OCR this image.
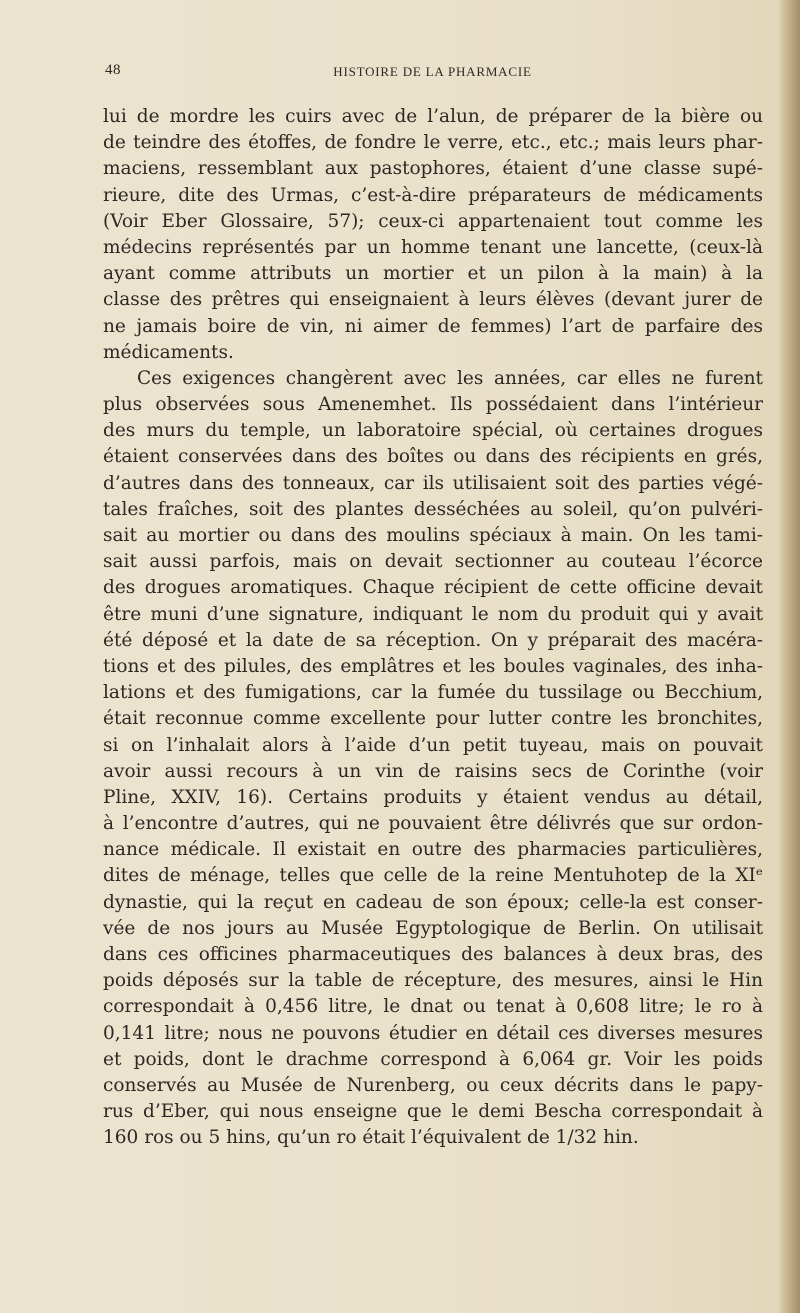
48	HISTOIRE DE LA PHARMACIE
lui de mordre les cuirs avec de l’alun, de préparer de la bière ou
de teindre des étoffes, de fondre le verre, etc., etc.; mais leurs phar-
maciens, ressemblant aux pastophores, étaient d’une classe supé-
rieure, dite des Urmas, c’est-à-dire préparateurs de médicaments
(Voir Eber Glossaire, 57); ceux-ci appartenaient tout comme les
médecins représentés par un homme tenant une lancette, (ceux-là
ayant comme attributs un mortier et un pilon à la main) à la
classe des prêtres qui enseignaient à leurs élèves (devant jurer de
ne jamais boire de vin, ni aimer de femmes) l’art de parfaire des
médicaments.
Ces exigences changèrent avec les années, car elles ne furent
plus observées sous Amenemhet. Ils possédaient dans l’intérieur
des murs du temple, un laboratoire spécial, où certaines drogues
étaient conservées dans des boîtes ou dans des récipients en grés,
d’autres dans des tonneaux, car ils utilisaient soit des parties végé-
tales fraîches, soit des plantes desséchées au soleil, qu’on pulvéri-
sait au mortier ou dans des moulins spéciaux à main. On les tami-
sait aussi parfois, mais on devait sectionner au couteau l’écorce
des drogues aromatiques. Chaque récipient de cette officine devait
être muni d’une signature, indiquant le nom du produit qui y avait
été déposé et la date de sa réception. On y préparait des macéra-
tions et des pilules, des emplâtres et les boules vaginales, des inha-
lations et des fumigations, car la fumée du tussilage ou Becchium,
était reconnue comme excellente pour lutter contre les bronchites,
si on l’inhalait alors à l’aide d’un petit tuyeau, mais on pouvait
avoir aussi recours à un vin de raisins secs de Corinthe (voir
Pline, XXIV, 16). Certains produits y étaient vendus au détail,
à l’encontre d’autres, qui ne pouvaient être délivrés que sur ordon-
nance médicale. Il existait en outre des pharmacies particulières,
dites de ménage, telles que celle de la reine Mentuhotep de la XIᵉ
dynastie, qui la reçut en cadeau de son époux; celle-la est conser-
vée de nos jours au Musée Egyptologique de Berlin. On utilisait
dans ces officines pharmaceutiques des balances à deux bras, des
poids déposés sur la table de récepture, des mesures, ainsi le Hin
correspondait à 0,456 litre, le dnat ou tenat à 0,608 litre; le ro à
0,141 litre; nous ne pouvons étudier en détail ces diverses mesures
et poids, dont le drachme correspond à 6,064 gr. Voir les poids
conservés au Musée de Nurenberg, ou ceux décrits dans le papy-
rus d’Eber, qui nous enseigne que le demi Bescha correspondait à
160 ros ou 5 hins, qu’un ro était l’équivalent de 1/32 hin.
